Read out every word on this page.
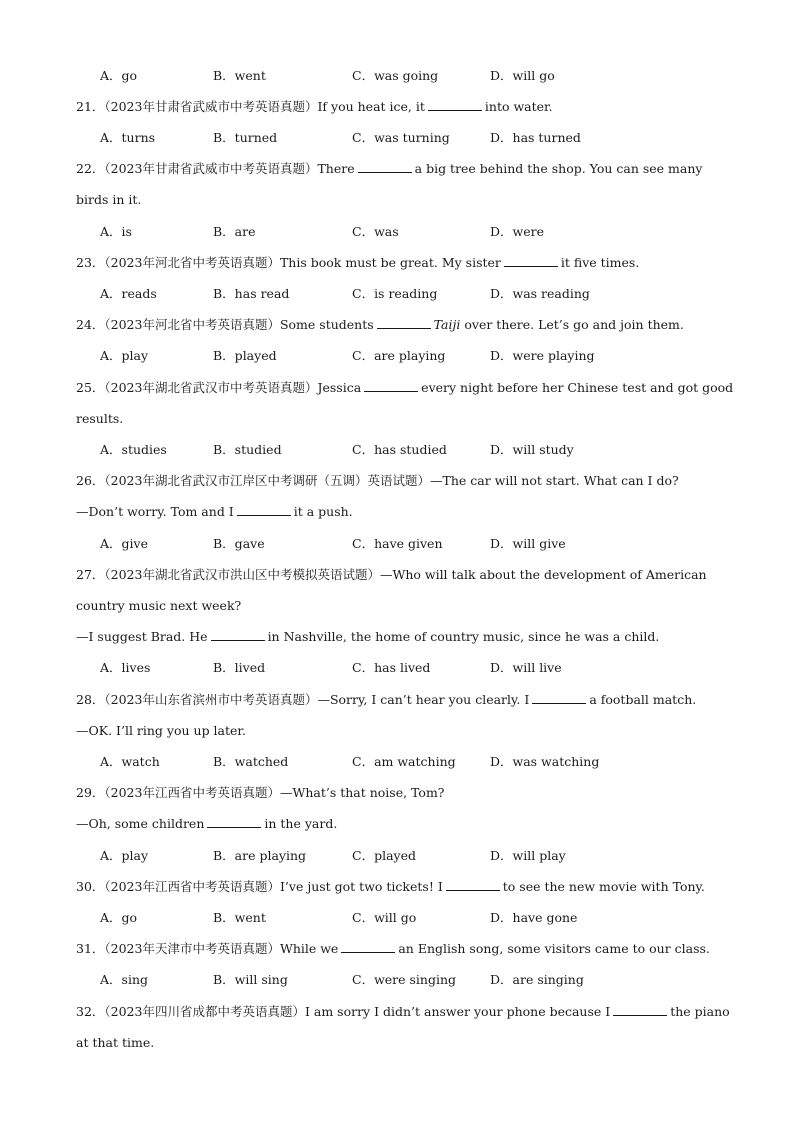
A．go	B．went	C．was going	D．will go
21．（2023年甘肃省武威市中考英语真题）If you heat ice, it	into water.
A．turns	B．turned	C．was turning	D．has turned
22．（2023年甘肃省武威市中考英语真题）There	a big tree behind the shop. You can see many
birds in it.
A．is	B．are	C．was	D．were
23．（2023年河北省中考英语真题）This book must be great. My sister	it five times.
A．reads	B．has read	C．is reading	D．was reading
24．（2023年河北省中考英语真题）Some students	Taiji over there. Let’s go and join them.
A．play	B．played	C．are playing	D．were playing
25．（2023年湖北省武汉市中考英语真题）Jessica	every night before her Chinese test and got good
results.
A．studies	B．studied	C．has studied	D．will study
26．（2023年湖北省武汉市江岸区中考调研（五调）英语试题）—The car will not start. What can I do?
—Don’t worry. Tom and I	it a push.
A．give	B．gave	C．have given	D．will give
27．（2023年湖北省武汉市洪山区中考模拟英语试题）—Who will talk about the development of American
country music next week?
—I suggest Brad. He	in Nashville, the home of country music, since he was a child.
A．lives	B．lived	C．has lived	D．will live
28．（2023年山东省滨州市中考英语真题）—Sorry, I can’t hear you clearly. I	a football match.
—OK. I’ll ring you up later.
A．watch	B．watched	C．am watching	D．was watching
29．（2023年江西省中考英语真题）—What’s that noise, Tom?
—Oh, some children	in the yard.
A．play	B．are playing	C．played	D．will play
30．（2023年江西省中考英语真题）I’ve just got two tickets! I	to see the new movie with Tony.
A．go	B．went	C．will go	D．have gone
31．（2023年天津市中考英语真题）While we	an English song, some visitors came to our class.
A．sing	B．will sing	C．were singing	D．are singing
32．（2023年四川省成都中考英语真题）I am sorry I didn’t answer your phone because I	the piano
at that time.
